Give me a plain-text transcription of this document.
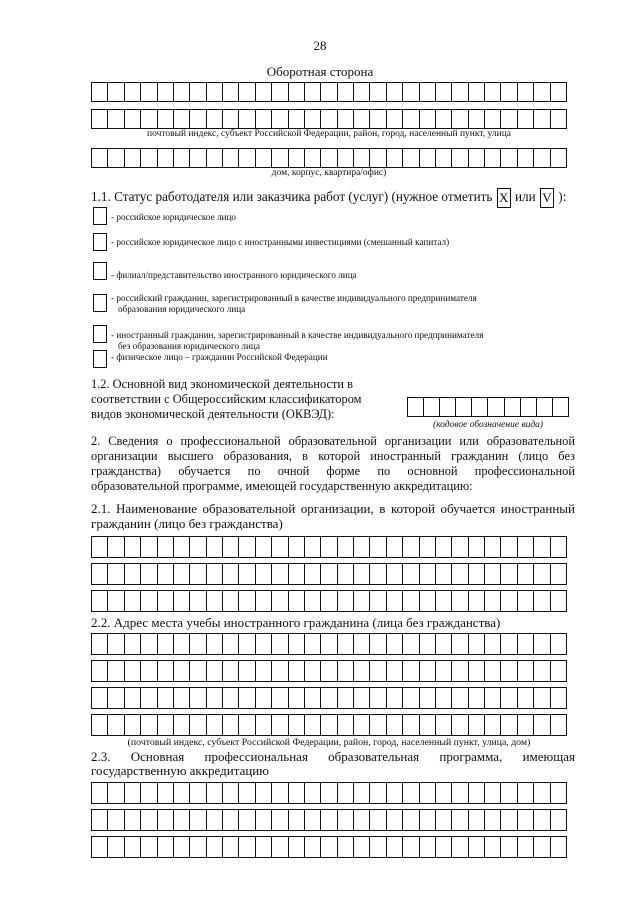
28
Оборотная сторона
почтовый индекс, субъект Российской Федерации, район, город, населенный пункт, улица
дом, корпус, квартира/офис)
1.1. Статус работодателя или заказчика работ (услуг) (нужное отметить X или V ):
- российское юридическое лицо
- российское юридическое лицо с иностранными инвестициями (смешанный капитал)
- филиал/представительство иностранного юридического лица
- российский гражданин, зарегистрированный в качестве индивидуального предпринимателя
образования юридического лица
- иностранный гражданин, зарегистрированный в качестве индивидуального предпринимателя
без образования юридического лица
- физическое лицо – гражданин Российской Федерации
1.2. Основной вид экономической деятельности в
соответствии с Общероссийским классификатором
видов экономической деятельности (ОКВЭД):
(кодовое обозначение вида)
2. Сведения о профессиональной образовательной организации или образовательной
организации высшего образования, в которой иностранный гражданин (лицо без
гражданства) обучается по очной форме по основной профессиональной
образовательной программе, имеющей государственную аккредитацию:
2.1. Наименование образовательной организации, в которой обучается иностранный
гражданин (лицо без гражданства)
2.2. Адрес места учебы иностранного гражданина (лица без гражданства)
(почтовый индекс, субъект Российской Федерации, район, город, населенный пункт, улица, дом)
2.3. Основная профессиональная образовательная программа, имеющая
государственную аккредитацию
